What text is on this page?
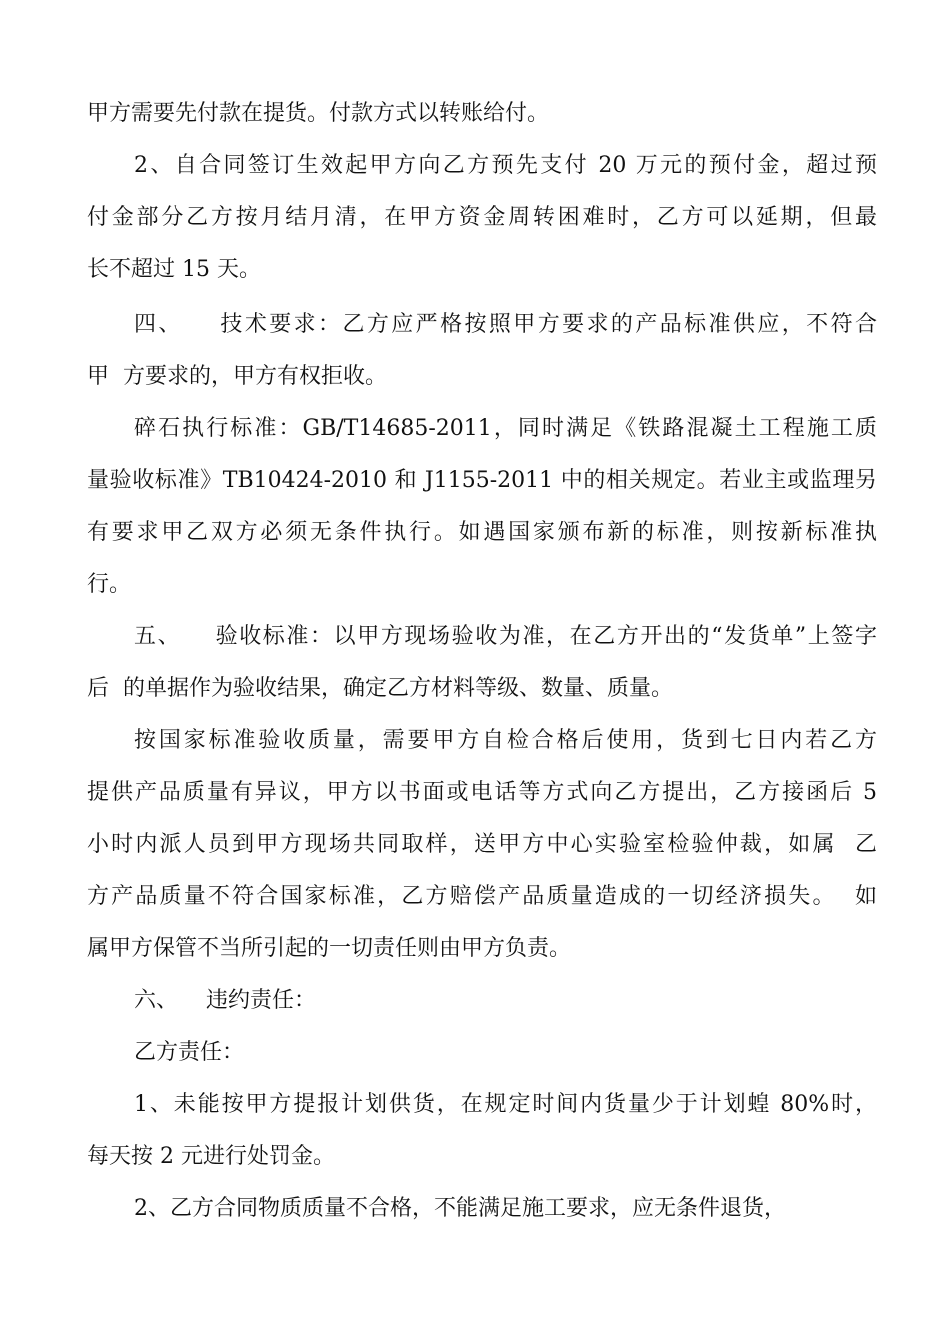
甲方需要先付款在提货。付款方式以转账给付。
2、自合同签订生效起甲方向乙方预先支付 20 万元的预付金，超过预
付金部分乙方按月结月清，在甲方资金周转困难时，乙方可以延期，但最
长不超过 15 天。
四、    技术要求：乙方应严格按照甲方要求的产品标准供应，不符合
甲  方要求的，甲方有权拒收。
碎石执行标准：GB/T14685-2011，同时满足《铁路混凝土工程施工质
量验收标准》TB10424-2010 和 J1155-2011 中的相关规定。若业主或监理另
有要求甲乙双方必须无条件执行。如遇国家颁布新的标准，则按新标准执
行。
五、    验收标准：以甲方现场验收为准，在乙方开出的“发货单”上签字
后  的单据作为验收结果，确定乙方材料等级、数量、质量。
按国家标准验收质量，需要甲方自检合格后使用，货到七日内若乙方
提供产品质量有异议，甲方以书面或电话等方式向乙方提出，乙方接函后 5
小时内派人员到甲方现场共同取样，送甲方中心实验室检验仲裁，如属  乙
方产品质量不符合国家标准，乙方赔偿产品质量造成的一切经济损失。  如
属甲方保管不当所引起的一切责任则由甲方负责。
六、    违约责任：
乙方责任：
1、未能按甲方提报计划供货，在规定时间内货量少于计划蝗 80%时，
每天按 2 元进行处罚金。
2、乙方合同物质质量不合格，不能满足施工要求，应无条件退货，
